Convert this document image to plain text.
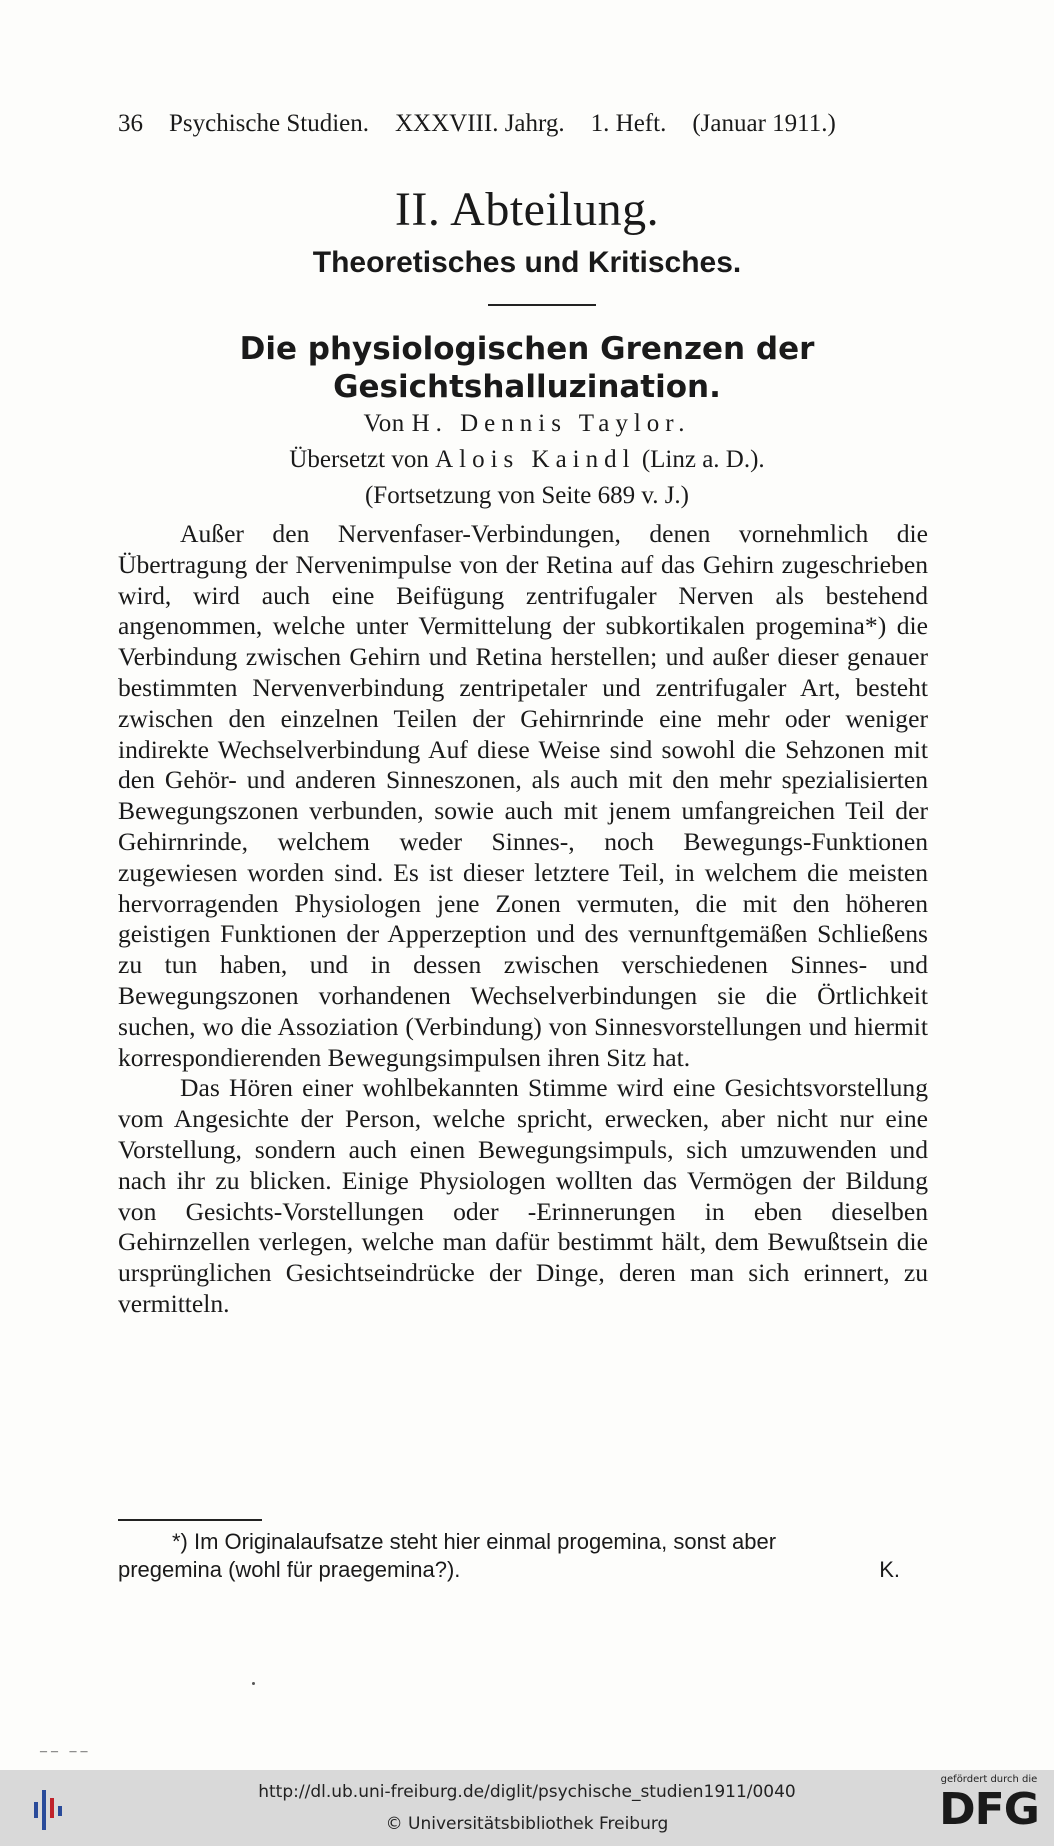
36 Psychische Studien. XXXVIII. Jahrg. 1. Heft. (Januar 1911.)
II. Abteilung.
Theoretisches und Kritisches.
Die physiologischen Grenzen der
Gesichtshalluzination.
Von H. Dennis Taylor.
Übersetzt von Alois Kaindl (Linz a. D.).
(Fortsetzung von Seite 689 v. J.)

Außer den Nervenfaser-Verbindungen, denen vornehmlich die Übertragung der Nervenimpulse von der Retina auf das Gehirn zugeschrieben wird, wird auch eine Beifügung zentrifugaler Nerven als bestehend angenommen, welche unter Vermittelung der subkortikalen progemina*) die Verbindung zwischen Gehirn und Retina herstellen; und außer dieser genauer bestimmten Nervenverbindung zentripetaler und zentrifugaler Art, besteht zwischen den einzelnen Teilen der Gehirnrinde eine mehr oder weniger indirekte Wechselverbindung Auf diese Weise sind sowohl die Sehzonen mit den Gehör- und anderen Sinneszonen, als auch mit den mehr spezialisierten Bewegungszonen verbunden, sowie auch mit jenem umfangreichen Teil der Gehirnrinde, welchem weder Sinnes-, noch Bewegungs-Funktionen zugewiesen worden sind. Es ist dieser letztere Teil, in welchem die meisten hervorragenden Physiologen jene Zonen vermuten, die mit den höheren geistigen Funktionen der Apperzeption und des vernunftgemäßen Schließens zu tun haben, und in dessen zwischen verschiedenen Sinnes- und Bewegungszonen vorhandenen Wechselverbindungen sie die Örtlichkeit suchen, wo die Assoziation (Verbindung) von Sinnesvorstellungen und hiermit korrespondierenden Bewegungsimpulsen ihren Sitz hat.

Das Hören einer wohlbekannten Stimme wird eine Gesichtsvorstellung vom Angesichte der Person, welche spricht, erwecken, aber nicht nur eine Vorstellung, sondern auch einen Bewegungsimpuls, sich umzuwenden und nach ihr zu blicken. Einige Physiologen wollten das Vermögen der Bildung von Gesichts-Vorstellungen oder -Erinnerungen in eben dieselben Gehirnzellen verlegen, welche man dafür bestimmt hält, dem Bewußtsein die ursprünglichen Gesichtseindrücke der Dinge, deren man sich erinnert, zu vermitteln.

*) Im Originalaufsatze steht hier einmal progemina, sonst aber
pregemina (wohl für praegemina?).	K.
–– ––
http://dl.ub.uni-freiburg.de/diglit/psychische_studien1911/0040
© Universitätsbibliothek Freiburg
gefördert durch die
DFG
